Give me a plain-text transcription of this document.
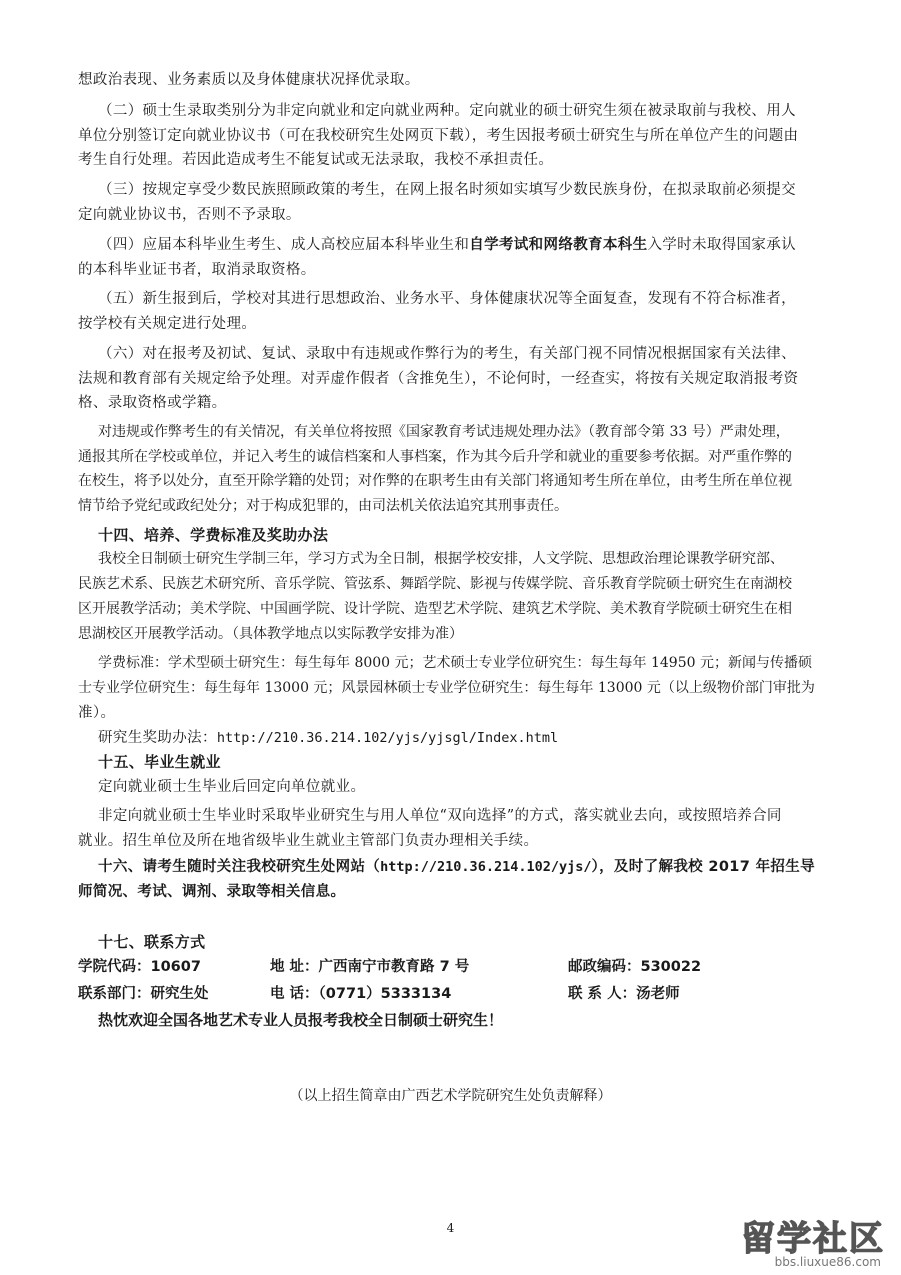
想政治表现、业务素质以及身体健康状况择优录取。
（二）硕士生录取类别分为非定向就业和定向就业两种。定向就业的硕士研究生须在被录取前与我校、用人
单位分别签订定向就业协议书（可在我校研究生处网页下载），考生因报考硕士研究生与所在单位产生的问题由
考生自行处理。若因此造成考生不能复试或无法录取，我校不承担责任。
（三）按规定享受少数民族照顾政策的考生，在网上报名时须如实填写少数民族身份，在拟录取前必须提交
定向就业协议书，否则不予录取。
（四）应届本科毕业生考生、成人高校应届本科毕业生和自学考试和网络教育本科生入学时未取得国家承认
的本科毕业证书者，取消录取资格。
（五）新生报到后，学校对其进行思想政治、业务水平、身体健康状况等全面复查，发现有不符合标准者，
按学校有关规定进行处理。
（六）对在报考及初试、复试、录取中有违规或作弊行为的考生，有关部门视不同情况根据国家有关法律、
法规和教育部有关规定给予处理。对弄虚作假者（含推免生），不论何时，一经查实，将按有关规定取消报考资
格、录取资格或学籍。
对违规或作弊考生的有关情况，有关单位将按照《国家教育考试违规处理办法》（教育部令第 33 号）严肃处理，
通报其所在学校或单位，并记入考生的诚信档案和人事档案，作为其今后升学和就业的重要参考依据。对严重作弊的
在校生，将予以处分，直至开除学籍的处罚；对作弊的在职考生由有关部门将通知考生所在单位，由考生所在单位视
情节给予党纪或政纪处分；对于构成犯罪的，由司法机关依法追究其刑事责任。
十四、培养、学费标准及奖助办法
我校全日制硕士研究生学制三年，学习方式为全日制，根据学校安排，人文学院、思想政治理论课教学研究部、
民族艺术系、民族艺术研究所、音乐学院、管弦系、舞蹈学院、影视与传媒学院、音乐教育学院硕士研究生在南湖校
区开展教学活动；美术学院、中国画学院、设计学院、造型艺术学院、建筑艺术学院、美术教育学院硕士研究生在相
思湖校区开展教学活动。（具体教学地点以实际教学安排为准）
学费标准：学术型硕士研究生：每生每年 8000 元；艺术硕士专业学位研究生：每生每年 14950 元；新闻与传播硕
士专业学位研究生：每生每年 13000 元；风景园林硕士专业学位研究生：每生每年 13000 元（以上级物价部门审批为
准）。
研究生奖助办法：http://210.36.214.102/yjs/yjsgl/Index.html
十五、毕业生就业
定向就业硕士生毕业后回定向单位就业。
非定向就业硕士生毕业时采取毕业研究生与用人单位“双向选择”的方式，落实就业去向，或按照培养合同
就业。招生单位及所在地省级毕业生就业主管部门负责办理相关手续。
十六、请考生随时关注我校研究生处网站（http://210.36.214.102/yjs/），及时了解我校 2017 年招生导
师简况、考试、调剂、录取等相关信息。
十七、联系方式
学院代码：10607	地 址：广西南宁市教育路 7 号	邮政编码：530022
联系部门：研究生处	电 话：（0771）5333134	联 系 人：汤老师
热忱欢迎全国各地艺术专业人员报考我校全日制硕士研究生！
（以上招生简章由广西艺术学院研究生处负责解释）
4	留学社区
bbs.liuxue86.com
